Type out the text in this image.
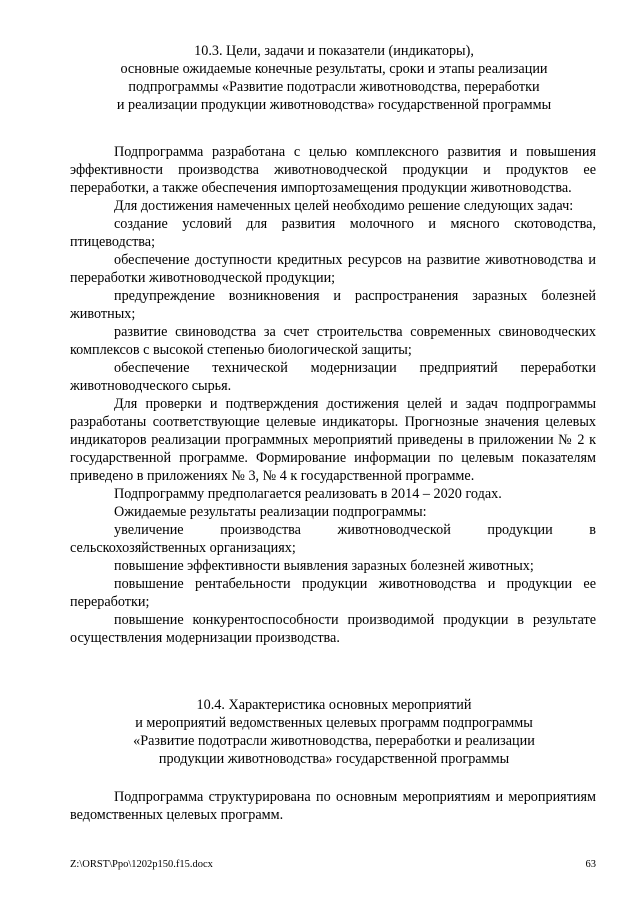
10.3. Цели, задачи и показатели (индикаторы),
основные ожидаемые конечные результаты, сроки и этапы реализации
подпрограммы «Развитие подотрасли животноводства, переработки
и реализации продукции животноводства» государственной программы

Подпрограмма разработана с целью комплексного развития и повышения эффективности производства животноводческой продукции и продуктов ее переработки, а также обеспечения импортозамещения продукции животноводства.

Для достижения намеченных целей необходимо решение следующих задач:

создание условий для развития молочного и мясного скотоводства, птицеводства;

обеспечение доступности кредитных ресурсов на развитие животноводства и переработки животноводческой продукции;

предупреждение возникновения и распространения заразных болезней животных;

развитие свиноводства за счет строительства современных свиноводческих комплексов с высокой степенью биологической защиты;

обеспечение технической модернизации предприятий переработки животноводческого сырья.

Для проверки и подтверждения достижения целей и задач подпрограммы разработаны соответствующие целевые индикаторы. Прогнозные значения целевых индикаторов реализации программных мероприятий приведены в приложении № 2 к государственной программе. Формирование информации по целевым показателям приведено в приложениях № 3, № 4 к государственной программе.

Подпрограмму предполагается реализовать в 2014 – 2020 годах.

Ожидаемые результаты реализации подпрограммы:

увеличение производства животноводческой продукции в сельскохозяйственных организациях;

повышение эффективности выявления заразных болезней животных;

повышение рентабельности продукции животноводства и продукции ее переработки;

повышение конкурентоспособности производимой продукции в результате осуществления модернизации производства.

10.4. Характеристика основных мероприятий
и мероприятий ведомственных целевых программ подпрограммы
«Развитие подотрасли животноводства, переработки и реализации
продукции животноводства» государственной программы

Подпрограмма структурирована по основным мероприятиям и мероприятиям ведомственных целевых программ.

Z:\ORST\Ppo\1202p150.f15.docx	63
